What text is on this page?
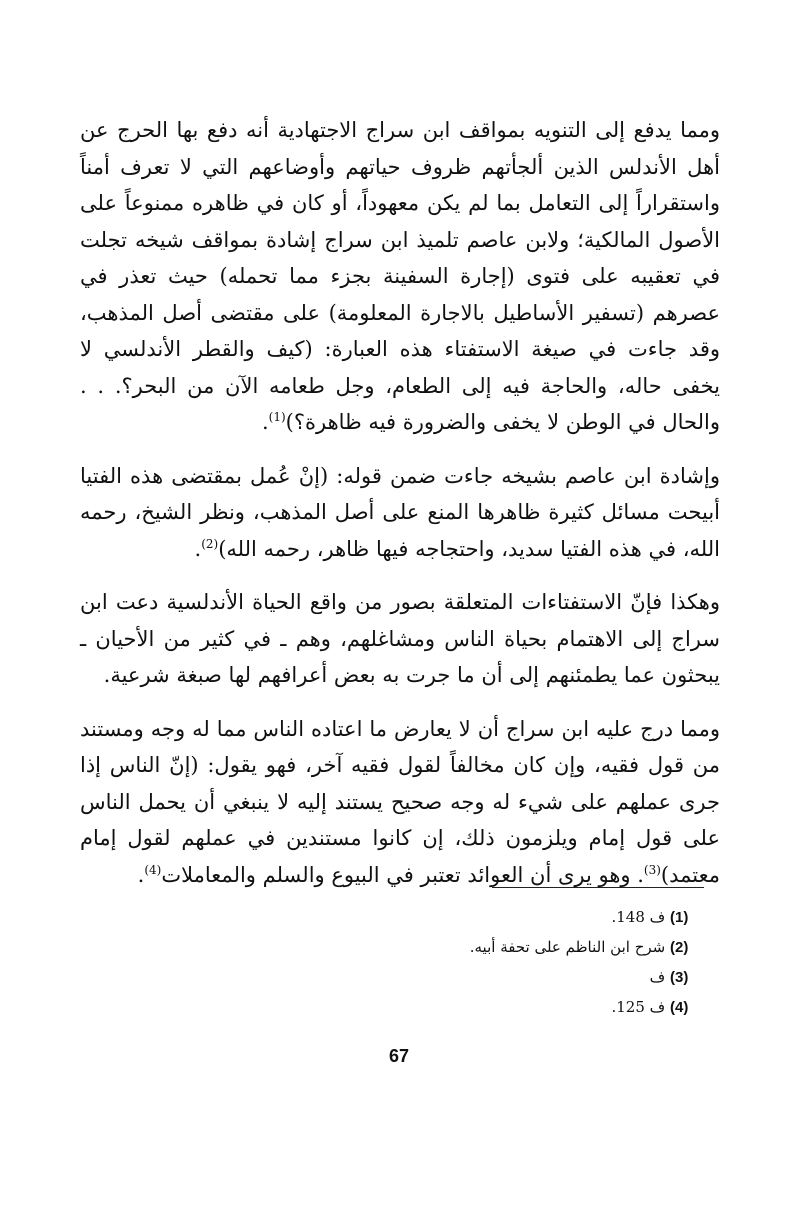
ومما يدفع إلى التنويه بمواقف ابن سراج الاجتهادية أنه دفع بها الحرج عن أهل الأندلس الذين ألجأتهم ظروف حياتهم وأوضاعهم التي لا تعرف أمناً واستقراراً إلى التعامل بما لم يكن معهوداً، أو كان في ظاهره ممنوعاً على الأصول المالكية؛ ولابن عاصم تلميذ ابن سراج إشادة بمواقف شيخه تجلت في تعقيبه على فتوى (إجارة السفينة بجزء مما تحمله) حيث تعذر في عصرهم (تسفير الأساطيل بالاجارة المعلومة) على مقتضى أصل المذهب، وقد جاءت في صيغة الاستفتاء هذه العبارة: (كيف والقطر الأندلسي لا يخفى حاله، والحاجة فيه إلى الطعام، وجل طعامه الآن من البحر؟. . . والحال في الوطن لا يخفى والضرورة فيه ظاهرة؟)$^{(1)}$.

وإشادة ابن عاصم بشيخه جاءت ضمن قوله: (إنْ عُمل بمقتضى هذه الفتيا أبيحت مسائل كثيرة ظاهرها المنع على أصل المذهب، ونظر الشيخ، رحمه الله، في هذه الفتيا سديد، واحتجاجه فيها ظاهر، رحمه الله)$^{(2)}$.

وهكذا فإنّ الاستفتاءات المتعلقة بصور من واقع الحياة الأندلسية دعت ابن سراج إلى الاهتمام بحياة الناس ومشاغلهم، وهم ـ في كثير من الأحيان ـ يبحثون عما يطمئنهم إلى أن ما جرت به بعض أعرافهم لها صبغة شرعية.

ومما درج عليه ابن سراج أن لا يعارض ما اعتاده الناس مما له وجه ومستند من قول فقيه، وإن كان مخالفاً لقول فقيه آخر، فهو يقول: (إنّ الناس إذا جرى عملهم على شيء له وجه صحيح يستند إليه لا ينبغي أن يحمل الناس على قول إمام ويلزمون ذلك، إن كانوا مستندين في عملهم لقول إمام معتمد)$^{(3)}$. وهو يرى أن العوائد تعتبر في البيوع والسلم والمعاملات$^{(4)}$.

(1) ف 148.
(2) شرح ابن الناظم على تحفة أبيه.
(3) ف
(4) ف 125.
67
